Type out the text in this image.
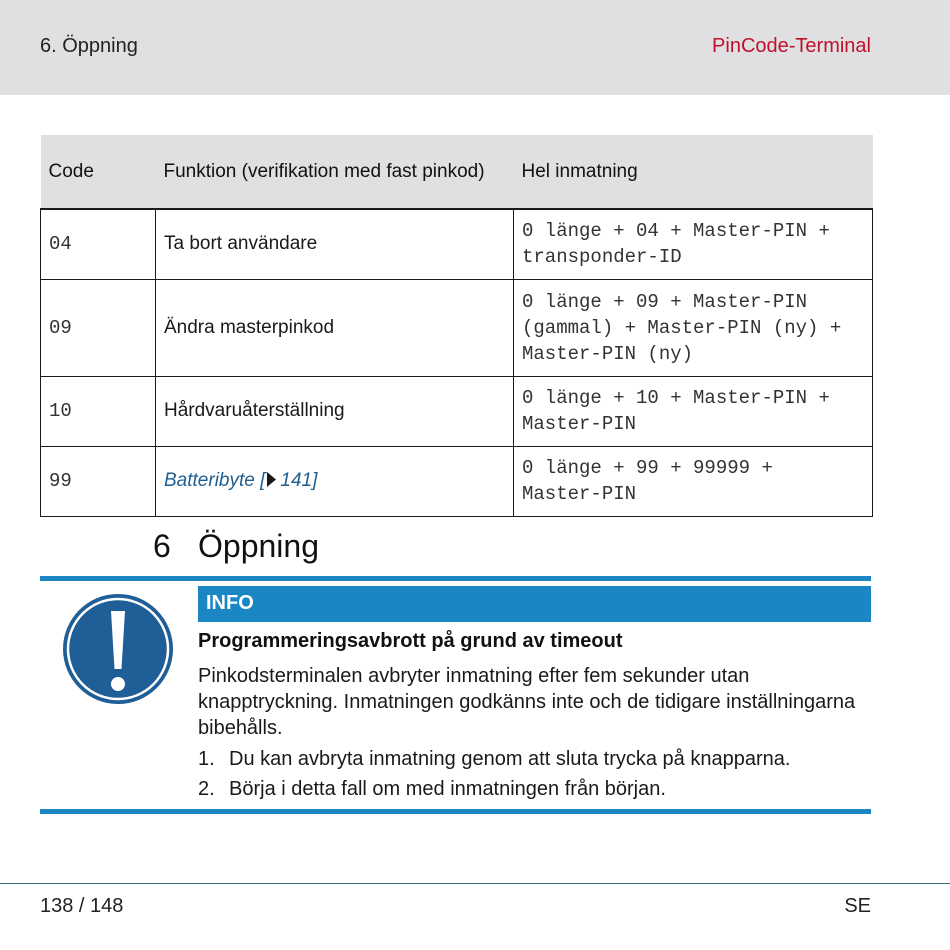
6. Öppning	PinCode-Terminal
Code	Funktion (verifikation med fast pinkod)	Hel inmatning
04	Ta bort användare	0 länge + 04 + Master-PIN + transponder-ID
09	Ändra masterpinkod	0 länge + 09 + Master-PIN (gammal) + Master-PIN (ny) + Master-PIN (ny)
10	Hårdvaruåterställning	0 länge + 10 + Master-PIN + Master-PIN
99	Batteribyte [ 141]	0 länge + 99 + 99999 + Master-PIN
6 Öppning
INFO
Programmeringsavbrott på grund av timeout
Pinkodsterminalen avbryter inmatning efter fem sekunder utan knapptryckning. Inmatningen godkänns inte och de tidigare inställningarna bibehålls.
1. Du kan avbryta inmatning genom att sluta trycka på knapparna.
2. Börja i detta fall om med inmatningen från början.
138 / 148	SE
